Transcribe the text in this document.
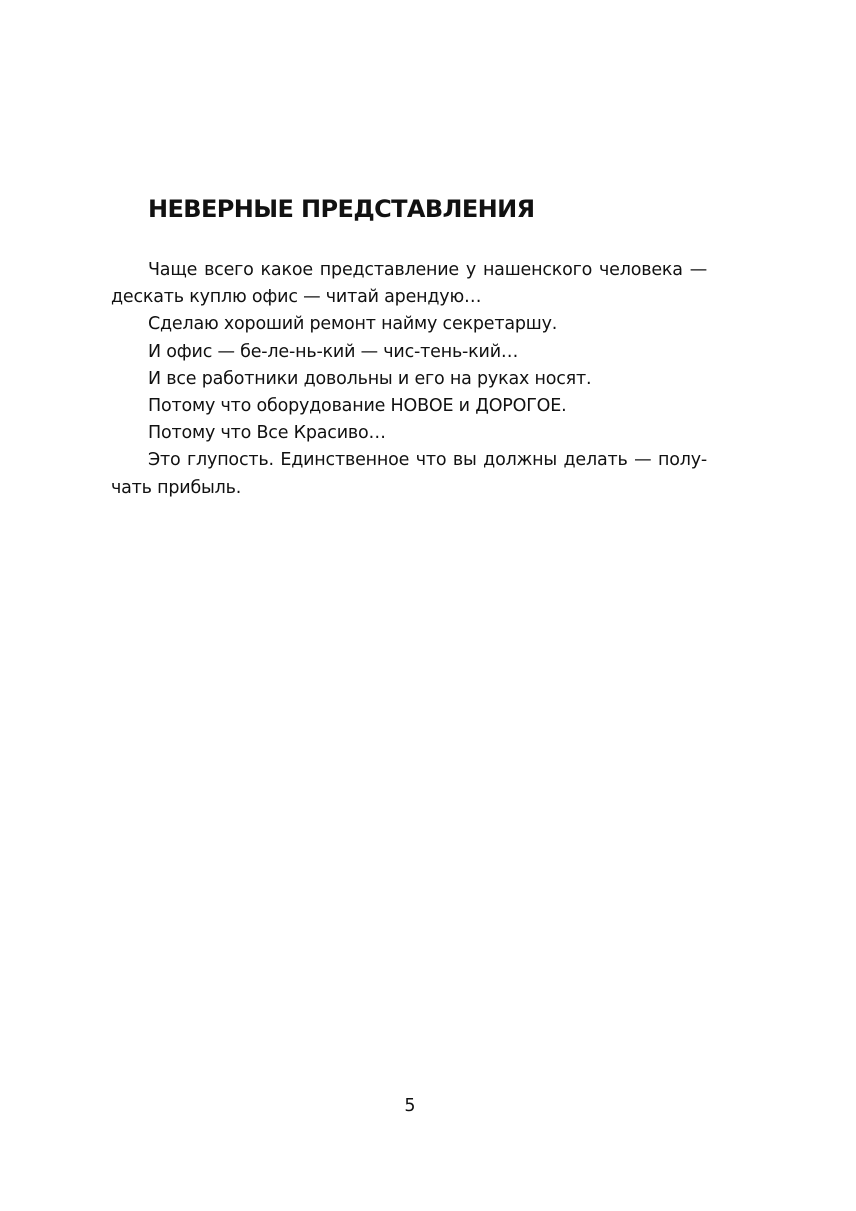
НЕВЕРНЫЕ ПРЕДСТАВЛЕНИЯ

Чаще всего какое представление у нашенского человека —
дескать куплю офис — читай арендую…

Сделаю хороший ремонт найму секретаршу.

И офис — бе-ле-нь-кий — чис-тень-кий…

И все работники довольны и его на руках носят.

Потому что оборудование НОВОЕ и ДОРОГОЕ.

Потому что Все Красиво…

Это глупость. Единственное что вы должны делать — полу-
чать прибыль.

5
